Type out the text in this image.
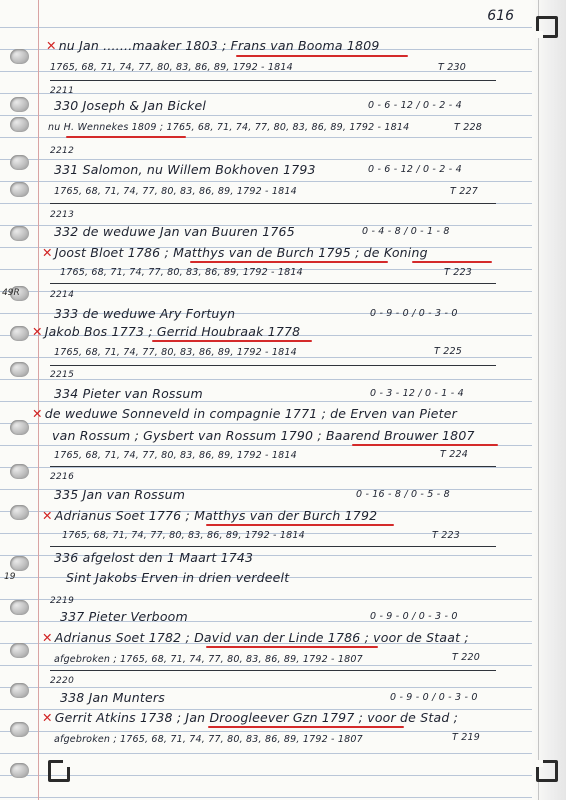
616
49R
19
✕ nu Jan .......maaker 1803 ; Frans van Booma 1809
1765, 68, 71, 74, 77, 80, 83, 86, 89, 1792 - 1814	T 230
2211
330 Joseph & Jan Bickel	0 - 6 - 12 / 0 - 2 - 4
nu H. Wennekes 1809 ; 1765, 68, 71, 74, 77, 80, 83, 86, 89, 1792 - 1814	T 228
2212
331 Salomon, nu Willem Bokhoven 1793	0 - 6 - 12 / 0 - 2 - 4
1765, 68, 71, 74, 77, 80, 83, 86, 89, 1792 - 1814	T 227
2213
332 de weduwe Jan van Buuren 1765	0 - 4 - 8 / 0 - 1 - 8
✕ Joost Bloet 1786 ; Matthys van de Burch 1795 ; de Koning
1765, 68, 71, 74, 77, 80, 83, 86, 89, 1792 - 1814	T 223
2214
333 de weduwe Ary Fortuyn	0 - 9 - 0 / 0 - 3 - 0
✕ Jakob Bos 1773 ; Gerrid Houbraak 1778
1765, 68, 71, 74, 77, 80, 83, 86, 89, 1792 - 1814	T 225
2215
334 Pieter van Rossum	0 - 3 - 12 / 0 - 1 - 4
✕ de weduwe Sonneveld in compagnie 1771 ; de Erven van Pieter
van Rossum ; Gysbert van Rossum 1790 ; Baarend Brouwer 1807
1765, 68, 71, 74, 77, 80, 83, 86, 89, 1792 - 1814	T 224
2216
335 Jan van Rossum	0 - 16 - 8 / 0 - 5 - 8
✕ Adrianus Soet 1776 ; Matthys van der Burch 1792
1765, 68, 71, 74, 77, 80, 83, 86, 89, 1792 - 1814	T 223
336 afgelost den 1 Maart 1743
Sint Jakobs Erven in drien verdeelt
2219
337 Pieter Verboom	0 - 9 - 0 / 0 - 3 - 0
✕ Adrianus Soet 1782 ; David van der Linde 1786 ; voor de Staat ;
afgebroken ; 1765, 68, 71, 74, 77, 80, 83, 86, 89, 1792 - 1807	T 220
2220
338 Jan Munters	0 - 9 - 0 / 0 - 3 - 0
✕ Gerrit Atkins 1738 ; Jan Droogleever Gzn 1797 ; voor de Stad ;
afgebroken ; 1765, 68, 71, 74, 77, 80, 83, 86, 89, 1792 - 1807	T 219
